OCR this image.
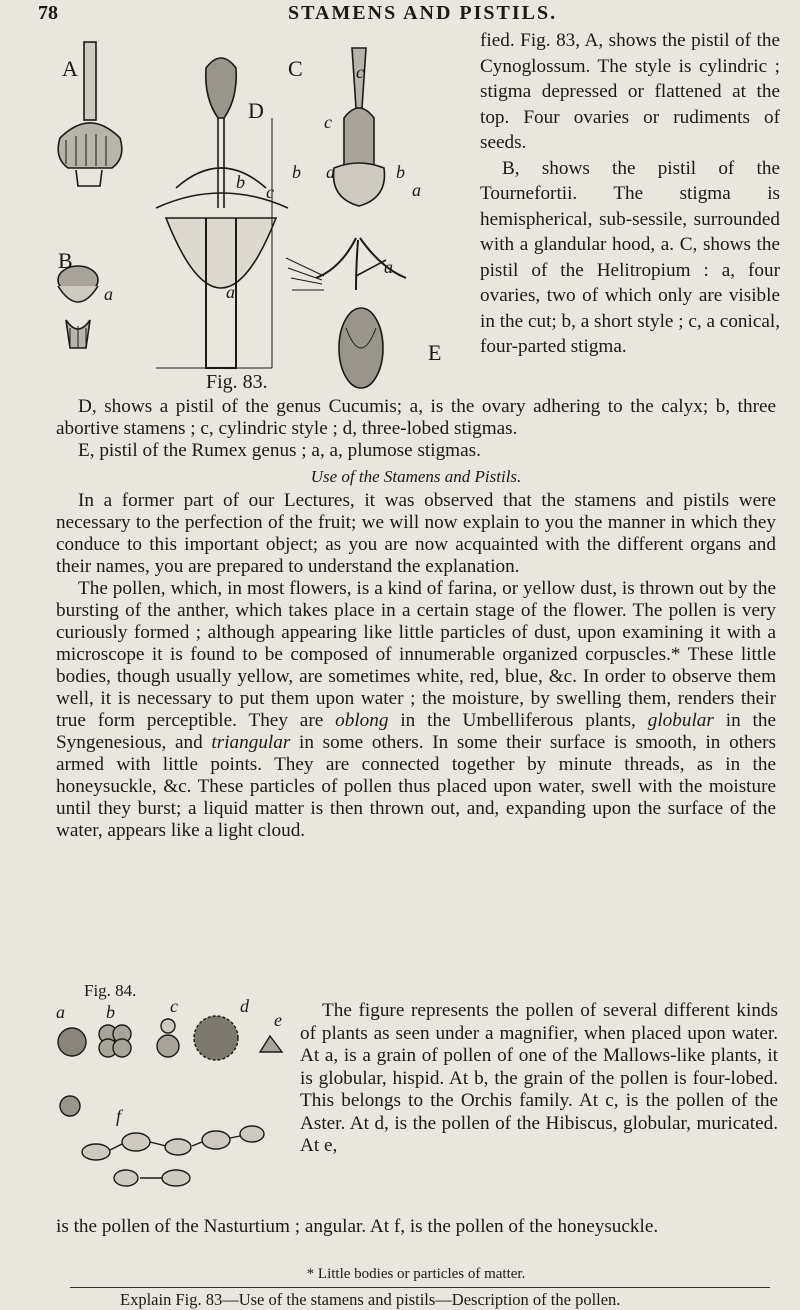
78	STAMENS AND PISTILS.
A
B
C
D
E
a	a
a
b	b	b
c
c
c
a
a
Fig. 83.

fied. Fig. 83, A, shows the pistil of the Cynoglossum. The style is cylindric ; stigma depressed or flattened at the top. Four ovaries or rudiments of seeds.

B, shows the pistil of the Tournefortii. The stigma is hemispherical, sub-sessile, surrounded with a glandular hood, a. C, shows the pistil of the Helitropium : a, four ovaries, two of which only are visible in the cut; b, a short style ; c, a conical, four-parted stigma.

D, shows a pistil of the genus Cucumis; a, is the ovary adhering to the calyx; b, three abortive stamens ; c, cylindric style ; d, three-lobed stigmas.

E, pistil of the Rumex genus ; a, a, plumose stigmas.

Use of the Stamens and Pistils.

In a former part of our Lectures, it was observed that the stamens and pistils were necessary to the perfection of the fruit; we will now explain to you the manner in which they conduce to this important object; as you are now acquainted with the different organs and their names, you are prepared to understand the explanation.

The pollen, which, in most flowers, is a kind of farina, or yellow dust, is thrown out by the bursting of the anther, which takes place in a certain stage of the flower. The pollen is very curiously formed ; although appearing like little particles of dust, upon examining it with a microscope it is found to be composed of innumerable organized corpuscles.* These little bodies, though usually yellow, are sometimes white, red, blue, &c. In order to observe them well, it is necessary to put them upon water ; the moisture, by swelling them, renders their true form perceptible. They are oblong in the Umbelliferous plants, globular in the Syngenesious, and triangular in some others. In some their surface is smooth, in others armed with little points. They are connected together by minute threads, as in the honeysuckle, &c. These particles of pollen thus placed upon water, swell with the moisture until they burst; a liquid matter is then thrown out, and, expanding upon the surface of the water, appears like a light cloud.

a b	c	d
e
f
Fig. 84.

The figure represents the pollen of several different kinds of plants as seen under a magnifier, when placed upon water. At a, is a grain of pollen of one of the Mallows-like plants, it is globular, hispid. At b, the grain of the pollen is four-lobed. This belongs to the Orchis family. At c, is the pollen of the Aster. At d, is the pollen of the Hibiscus, globular, muricated. At e,

is the pollen of the Nasturtium ; angular. At f, is the pollen of the honeysuckle.

* Little bodies or particles of matter.
Explain Fig. 83—Use of the stamens and pistils—Description of the pollen.
